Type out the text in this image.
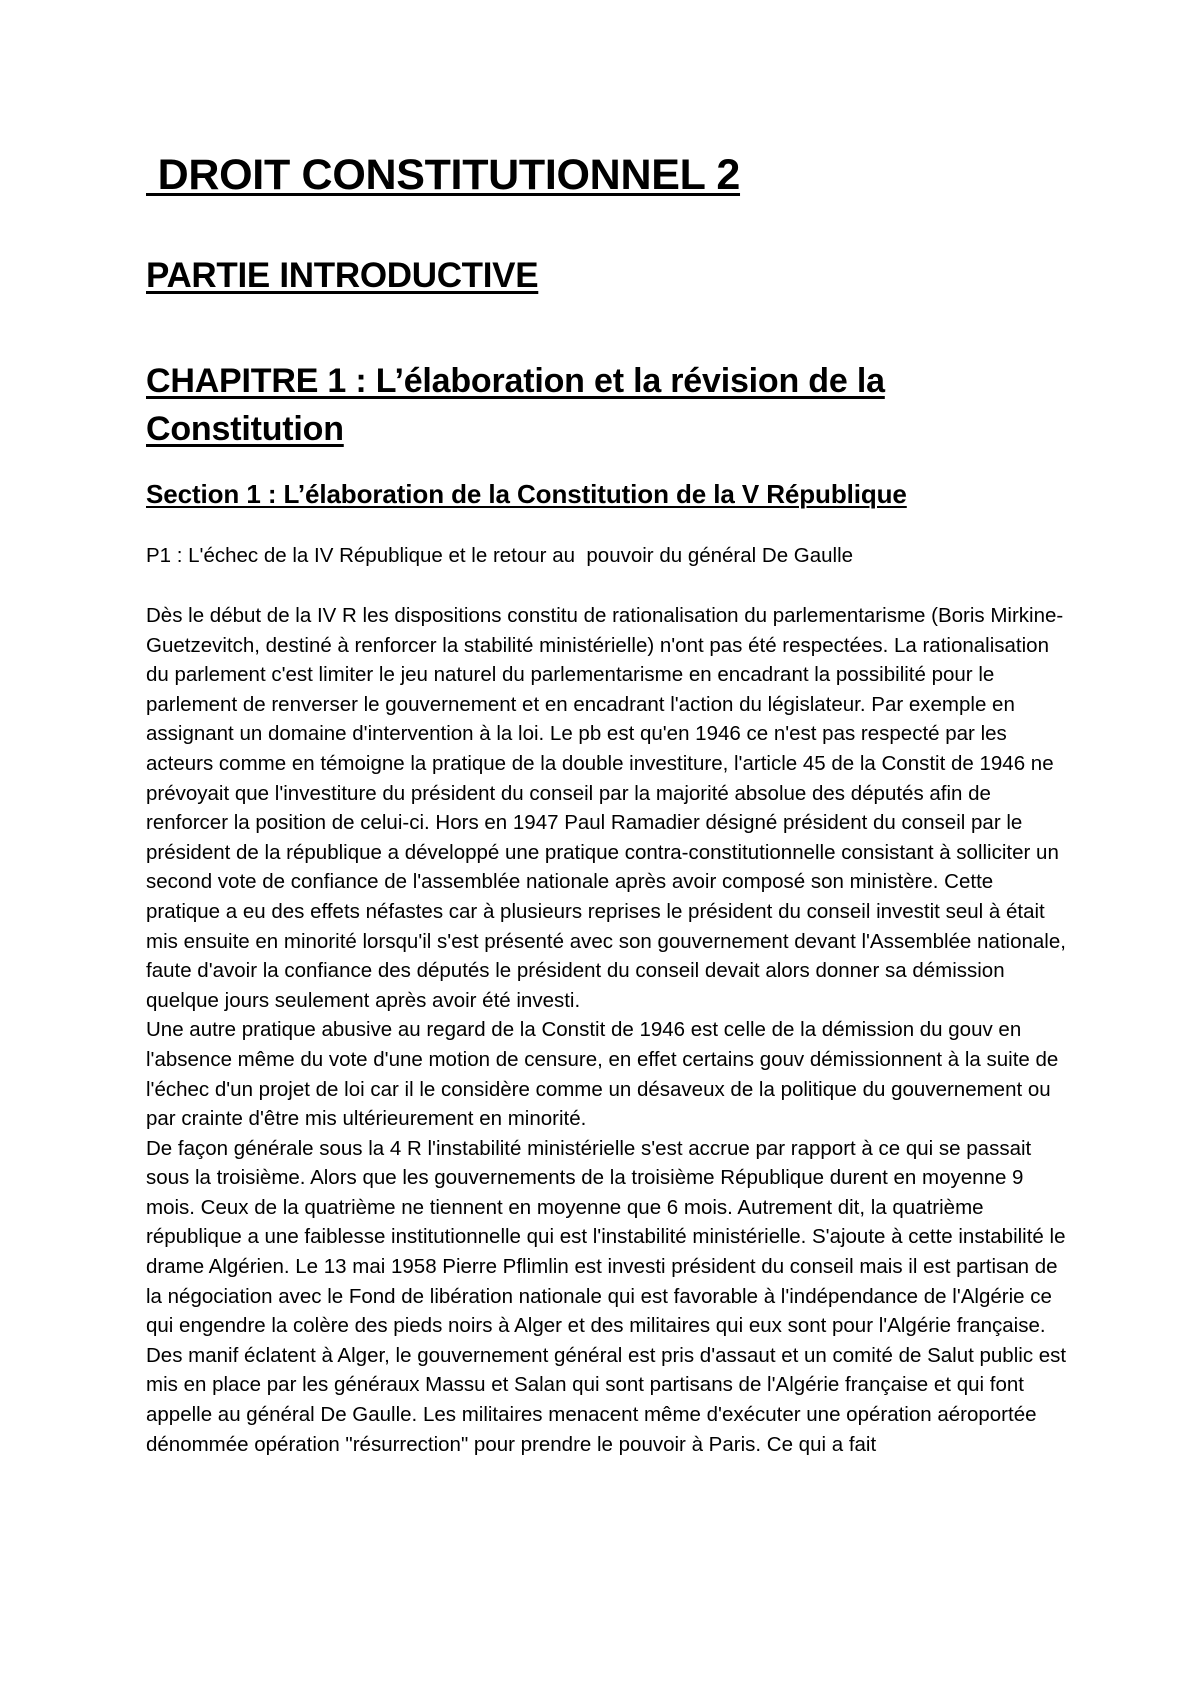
DROIT CONSTITUTIONNEL 2
PARTIE INTRODUCTIVE
CHAPITRE 1 : L’élaboration et la révision de la Constitution
Section 1 : L’élaboration de la Constitution de la V République

P1 : L'échec de la IV République et le retour au  pouvoir du général De Gaulle

Dès le début de la IV R les dispositions constitu de rationalisation du parlementarisme (Boris Mirkine-Guetzevitch, destiné à renforcer la stabilité ministérielle) n'ont pas été respectées. La rationalisation du parlement c'est limiter le jeu naturel du parlementarisme en encadrant la possibilité pour le parlement de renverser le gouvernement et en encadrant l'action du législateur. Par exemple en assignant un domaine d'intervention à la loi. Le pb est qu'en 1946 ce n'est pas respecté par les acteurs comme en témoigne la pratique de la double investiture, l'article 45 de la Constit de 1946 ne prévoyait que l'investiture du président du conseil par la majorité absolue des députés afin de renforcer la position de celui-ci. Hors en 1947 Paul Ramadier désigné président du conseil par le président de la république a développé une pratique contra-constitutionnelle consistant à solliciter un second vote de confiance de l'assemblée nationale après avoir composé son ministère. Cette pratique a eu des effets néfastes car à plusieurs reprises le président du conseil investit seul à était mis ensuite en minorité lorsqu'il s'est présenté avec son gouvernement devant l'Assemblée nationale, faute d'avoir la confiance des députés le président du conseil devait alors donner sa démission quelque jours seulement après avoir été investi.

Une autre pratique abusive au regard de la Constit de 1946 est celle de la démission du gouv en l'absence même du vote d'une motion de censure, en effet certains gouv démissionnent à la suite de l'échec d'un projet de loi car il le considère comme un désaveux de la politique du gouvernement ou par crainte d'être mis ultérieurement en minorité.

De façon générale sous la 4 R l'instabilité ministérielle s'est accrue par rapport à ce qui se passait sous la troisième. Alors que les gouvernements de la troisième République durent en moyenne 9 mois. Ceux de la quatrième ne tiennent en moyenne que 6 mois. Autrement dit, la quatrième république a une faiblesse institutionnelle qui est l'instabilité ministérielle. S'ajoute à cette instabilité le drame Algérien. Le 13 mai 1958 Pierre Pflimlin est investi président du conseil mais il est partisan de la négociation avec le Fond de libération nationale qui est favorable à l'indépendance de l'Algérie ce qui engendre la colère des pieds noirs à Alger et des militaires qui eux sont pour l'Algérie française. Des manif éclatent à Alger, le gouvernement général est pris d'assaut et un comité de Salut public est mis en place par les généraux Massu et Salan qui sont partisans de l'Algérie française et qui font appelle au général De Gaulle. Les militaires menacent même d'exécuter une opération aéroportée dénommée opération "résurrection" pour prendre le pouvoir à Paris. Ce qui a fait
